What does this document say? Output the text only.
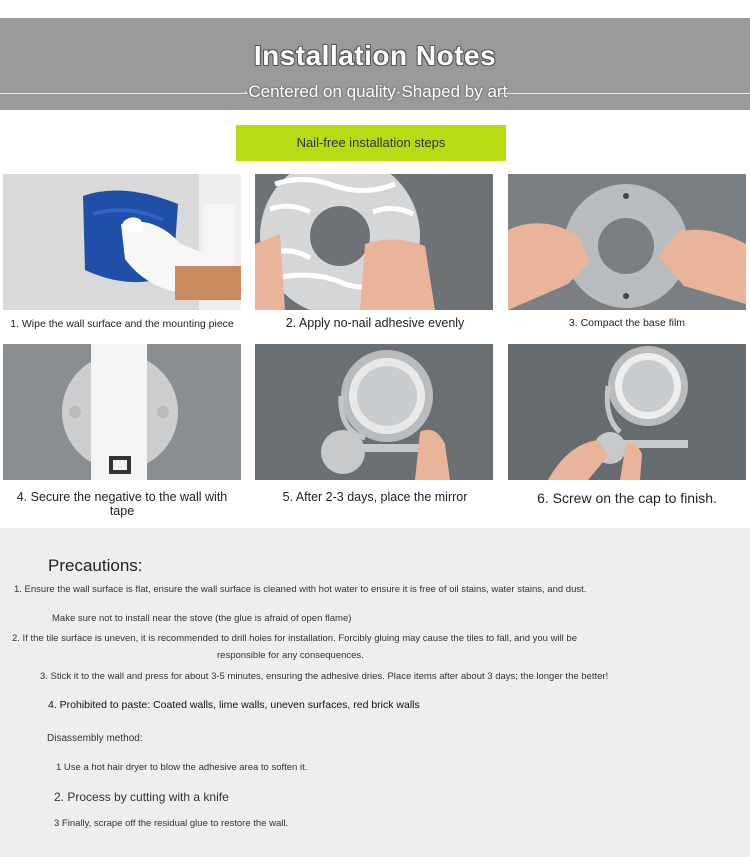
Installation Notes
·Centered on quality·Shaped by art
Nail-free installation steps
1. Wipe the wall surface and the mounting piece	2. Apply no-nail adhesive evenly	3. Compact the base film
4. Secure the negative to the wall with tape
5. After 2-3 days, place the mirror	6. Screw on the cap to finish.
Precautions:
1. Ensure the wall surface is flat, ensure the wall surface is cleaned with hot water to ensure it is free of oil stains, water stains, and dust.
Make sure not to install near the stove (the glue is afraid of open flame)
2. If the tile surface is uneven, it is recommended to drill holes for installation. Forcibly gluing may cause the tiles to fall, and you will be
responsible for any consequences.
3. Stick it to the wall and press for about 3-5 minutes, ensuring the adhesive dries. Place items after about 3 days; the longer the better!
4. Prohibited to paste: Coated walls, lime walls, uneven surfaces, red brick walls
Disassembly method:
1 Use a hot hair dryer to blow the adhesive area to soften it.
2. Process by cutting with a knife
3 Finally, scrape off the residual glue to restore the wall.
